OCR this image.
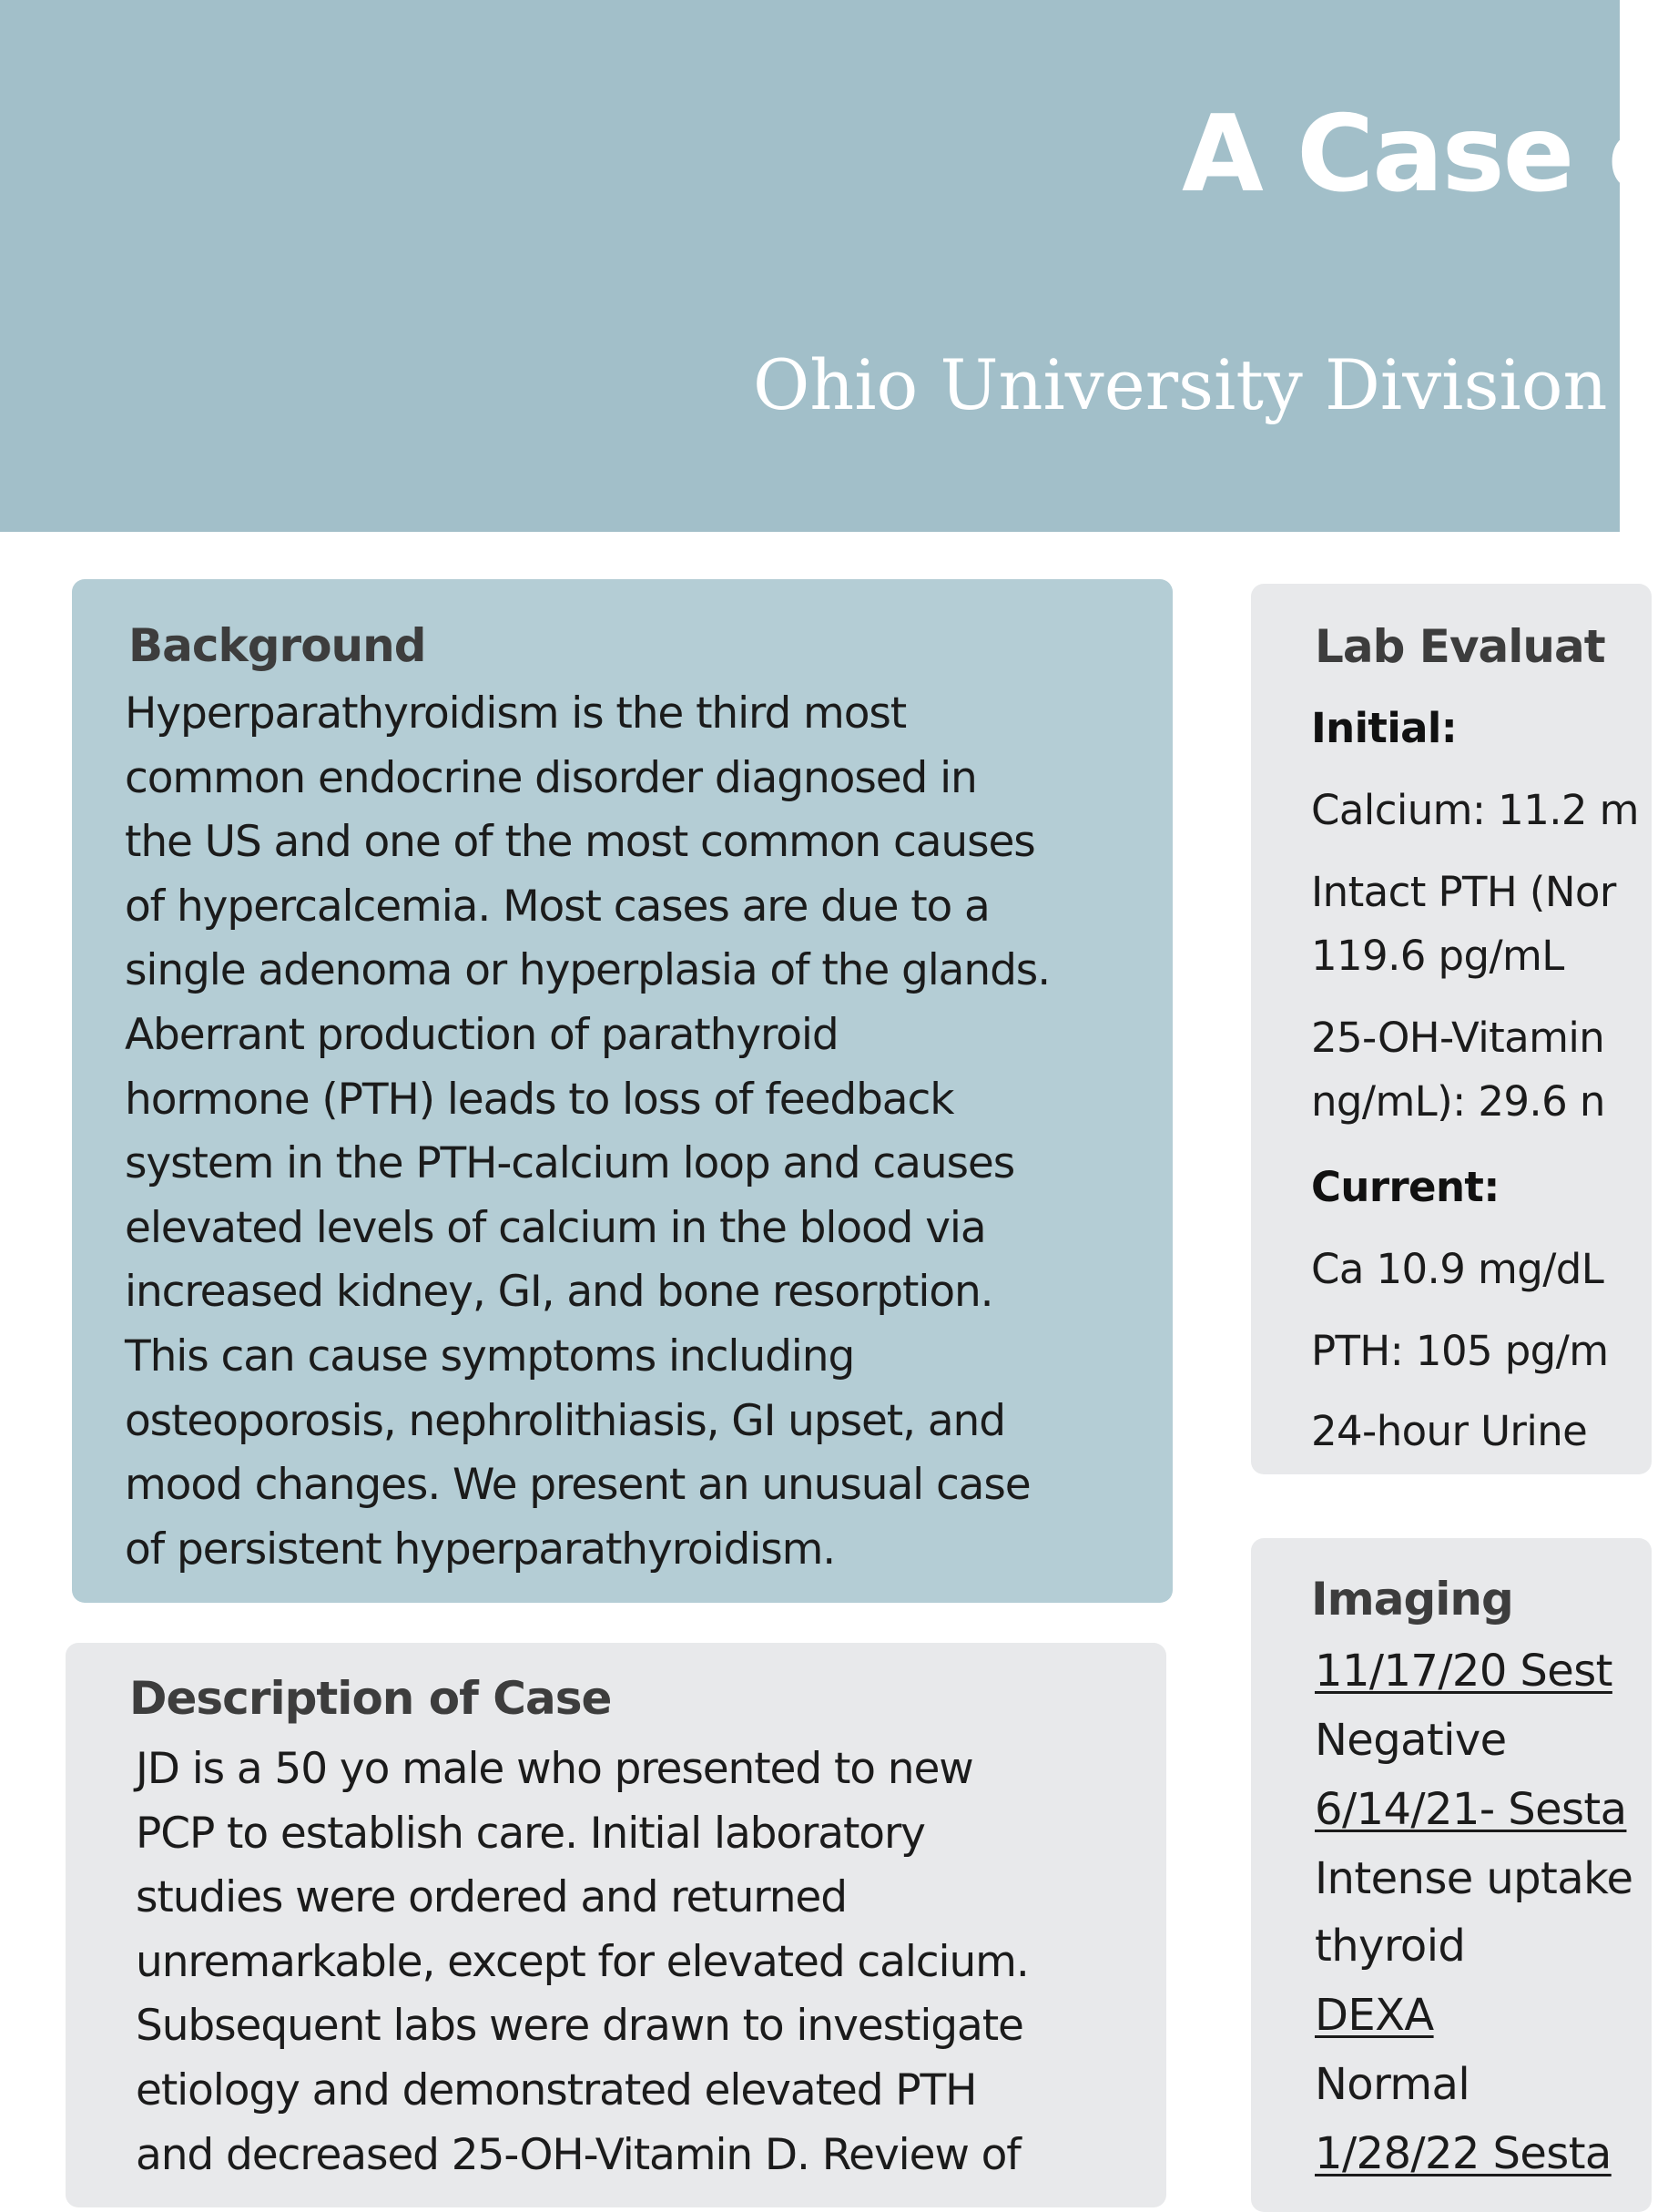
A Case o
Ohio University Division o
Background
Hyperparathyroidism is the third most
common endocrine disorder diagnosed in
the US and one of the most common causes
of hypercalcemia. Most cases are due to a
single adenoma or hyperplasia of the glands.
Aberrant production of parathyroid
hormone (PTH) leads to loss of feedback
system in the PTH-calcium loop and causes
elevated levels of calcium in the blood via
increased kidney, GI, and bone resorption.
This can cause symptoms including
osteoporosis, nephrolithiasis, GI upset, and
mood changes. We present an unusual case
of persistent hyperparathyroidism.
Description of Case
JD is a 50 yo male who presented to new
PCP to establish care. Initial laboratory
studies were ordered and returned
unremarkable, except for elevated calcium.
Subsequent labs were drawn to investigate
etiology and demonstrated elevated PTH
and decreased 25-OH-Vitamin D. Review of
Lab Evaluat
Initial:
Calcium: 11.2 m
Intact PTH (Nor
119.6 pg/mL
25-OH-Vitamin
ng/mL): 29.6 n
Current:
Ca 10.9 mg/dL
PTH: 105 pg/m
24-hour Urine
Imaging
11/17/20 Sest
Negative
6/14/21- Sesta
Intense uptake
thyroid
DEXA
Normal
1/28/22 Sesta
